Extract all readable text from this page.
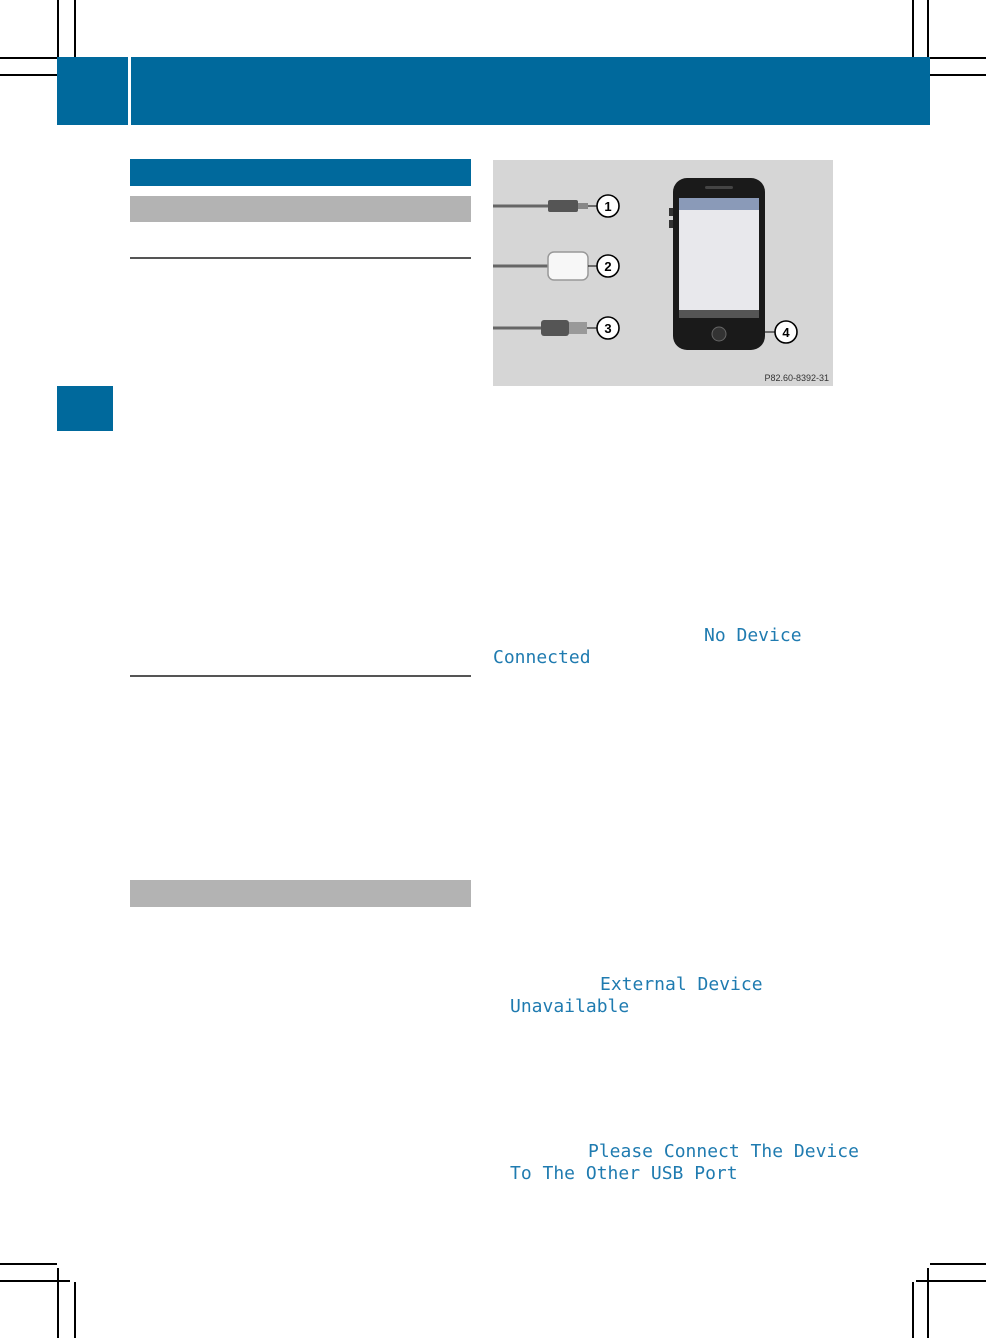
1
2
3	4
P82.60-8392-31
No Device
Connected
External Device
Unavailable
Please Connect The Device
To The Other USB Port
